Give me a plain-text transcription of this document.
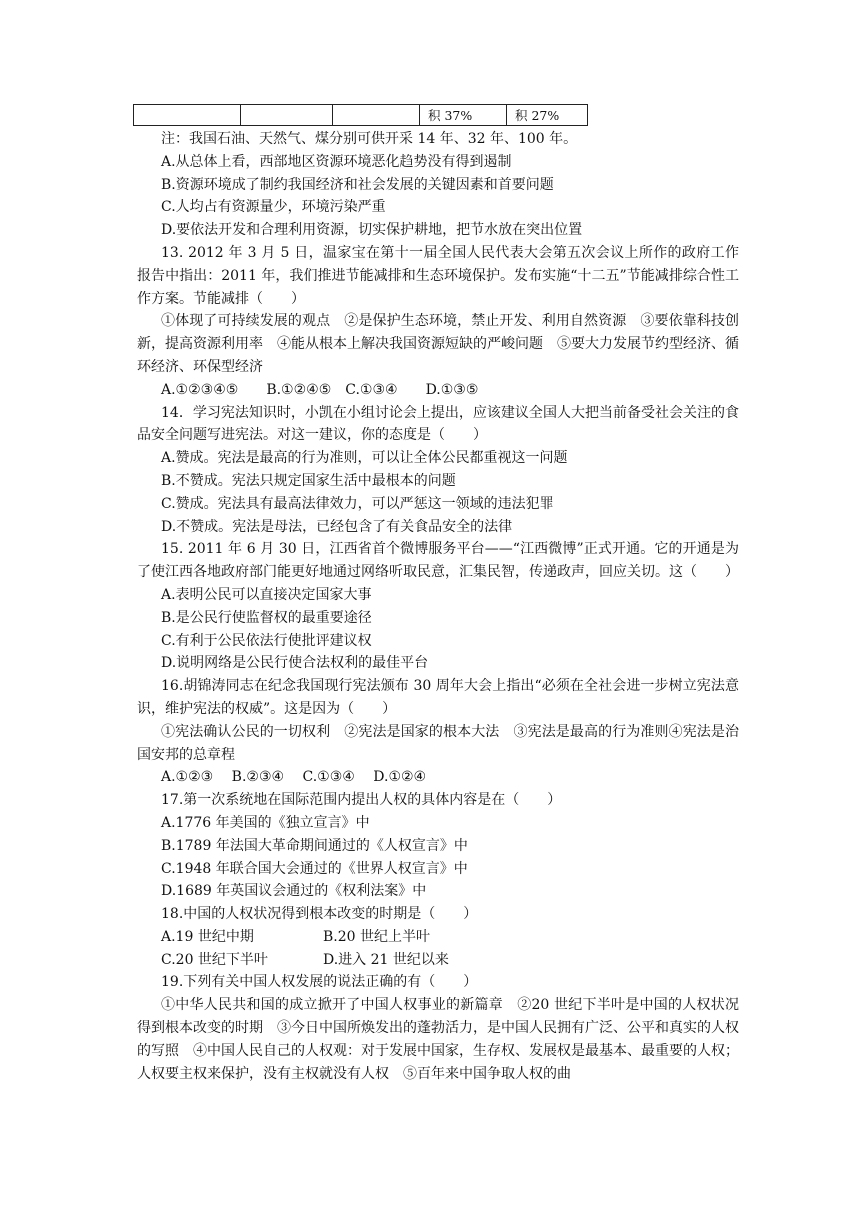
			积 37%	积 27%

注：我国石油、天然气、煤分别可供开采 14 年、32 年、100 年。

A.从总体上看，西部地区资源环境恶化趋势没有得到遏制

B.资源环境成了制约我国经济和社会发展的关键因素和首要问题

C.人均占有资源量少，环境污染严重

D.要依法开发和合理利用资源，切实保护耕地，把节水放在突出位置

13. 2012 年 3 月 5 日，温家宝在第十一届全国人民代表大会第五次会议上所作的政府工作报告中指出：2011 年，我们推进节能减排和生态环境保护。发布实施“十二五”节能减排综合性工作方案。节能减排（　　）

①体现了可持续发展的观点　②是保护生态环境，禁止开发、利用自然资源　③要依靠科技创新，提高资源利用率　④能从根本上解决我国资源短缺的严峻问题　⑤要大力发展节约型经济、循环经济、环保型经济

A.①②③④⑤　　B.①②④⑤　C.①③④　　D.①③⑤

14．学习宪法知识时，小凯在小组讨论会上提出，应该建议全国人大把当前备受社会关注的食品安全问题写进宪法。对这一建议，你的态度是（　　）

A.赞成。宪法是最高的行为准则，可以让全体公民都重视这一问题

B.不赞成。宪法只规定国家生活中最根本的问题

C.赞成。宪法具有最高法律效力，可以严惩这一领域的违法犯罪

D.不赞成。宪法是母法，已经包含了有关食品安全的法律

15. 2011 年 6 月 30 日，江西省首个微博服务平台——“江西微博”正式开通。它的开通是为了使江西各地政府部门能更好地通过网络听取民意，汇集民智，传递政声，回应关切。这（　　）

A.表明公民可以直接决定国家大事

B.是公民行使监督权的最重要途径

C.有利于公民依法行使批评建议权

D.说明网络是公民行使合法权利的最佳平台

16.胡锦涛同志在纪念我国现行宪法颁布 30 周年大会上指出“必须在全社会进一步树立宪法意识，维护宪法的权威”。这是因为（　　）

①宪法确认公民的一切权利　②宪法是国家的根本大法　③宪法是最高的行为准则④宪法是治国安邦的总章程

A.①②③　 B.②③④　 C.①③④　 D.①②④

17.第一次系统地在国际范围内提出人权的具体内容是在（　　）

A.1776 年美国的《独立宣言》中

B.1789 年法国大革命期间通过的《人权宣言》中

C.1948 年联合国大会通过的《世界人权宣言》中

D.1689 年英国议会通过的《权利法案》中

18.中国的人权状况得到根本改变的时期是（　　）

A.19 世纪中期	B.20 世纪上半叶
C.20 世纪下半叶	D.进入 21 世纪以来

19.下列有关中国人权发展的说法正确的有（　　）

①中华人民共和国的成立掀开了中国人权事业的新篇章　②20 世纪下半叶是中国的人权状况得到根本改变的时期　③今日中国所焕发出的蓬勃活力，是中国人民拥有广泛、公平和真实的人权的写照　④中国人民自己的人权观：对于发展中国家，生存权、发展权是最基本、最重要的人权；人权要主权来保护，没有主权就没有人权　⑤百年来中国争取人权的曲
